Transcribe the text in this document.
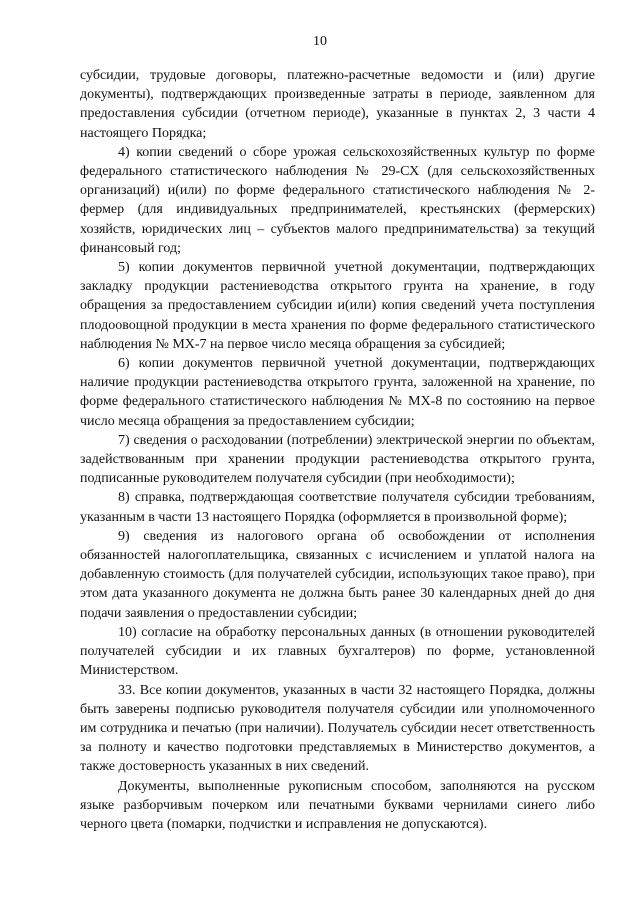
10

субсидии, трудовые договоры, платежно-расчетные ведомости и (или) другие документы), подтверждающих произведенные затраты в периоде, заявленном для предоставления субсидии (отчетном периоде), указанные в пунктах 2, 3 части 4 настоящего Порядка;

4) копии сведений о сборе урожая сельскохозяйственных культур по форме федерального статистического наблюдения № 29-СХ (для сельскохозяйственных организаций) и(или) по форме федерального статистического наблюдения № 2-фермер (для индивидуальных предпринимателей, крестьянских (фермерских) хозяйств, юридических лиц – субъектов малого предпринимательства) за текущий финансовый год;

5) копии документов первичной учетной документации, подтверждающих закладку продукции растениеводства открытого грунта на хранение, в году обращения за предоставлением субсидии и(или) копия сведений учета поступления плодоовощной продукции в места хранения по форме федерального статистического наблюдения № МХ-7 на первое число месяца обращения за субсидией;

6) копии документов первичной учетной документации, подтверждающих наличие продукции растениеводства открытого грунта, заложенной на хранение, по форме федерального статистического наблюдения № МХ-8 по состоянию на первое число месяца обращения за предоставлением субсидии;

7) сведения о расходовании (потреблении) электрической энергии по объектам, задействованным при хранении продукции растениеводства открытого грунта, подписанные руководителем получателя субсидии (при необходимости);

8) справка, подтверждающая соответствие получателя субсидии требованиям, указанным в части 13 настоящего Порядка (оформляется в произвольной форме);

9) сведения из налогового органа об освобождении от исполнения обязанностей налогоплательщика, связанных с исчислением и уплатой налога на добавленную стоимость (для получателей субсидии, использующих такое право), при этом дата указанного документа не должна быть ранее 30 календарных дней до дня подачи заявления о предоставлении субсидии;

10) согласие на обработку персональных данных (в отношении руководителей получателей субсидии и их главных бухгалтеров) по форме, установленной Министерством.

33. Все копии документов, указанных в части 32 настоящего Порядка, должны быть заверены подписью руководителя получателя субсидии или уполномоченного им сотрудника и печатью (при наличии). Получатель субсидии несет ответственность за полноту и качество подготовки представляемых в Министерство документов, а также достоверность указанных в них сведений.

Документы, выполненные рукописным способом, заполняются на русском языке разборчивым почерком или печатными буквами чернилами синего либо черного цвета (помарки, подчистки и исправления не допускаются).
